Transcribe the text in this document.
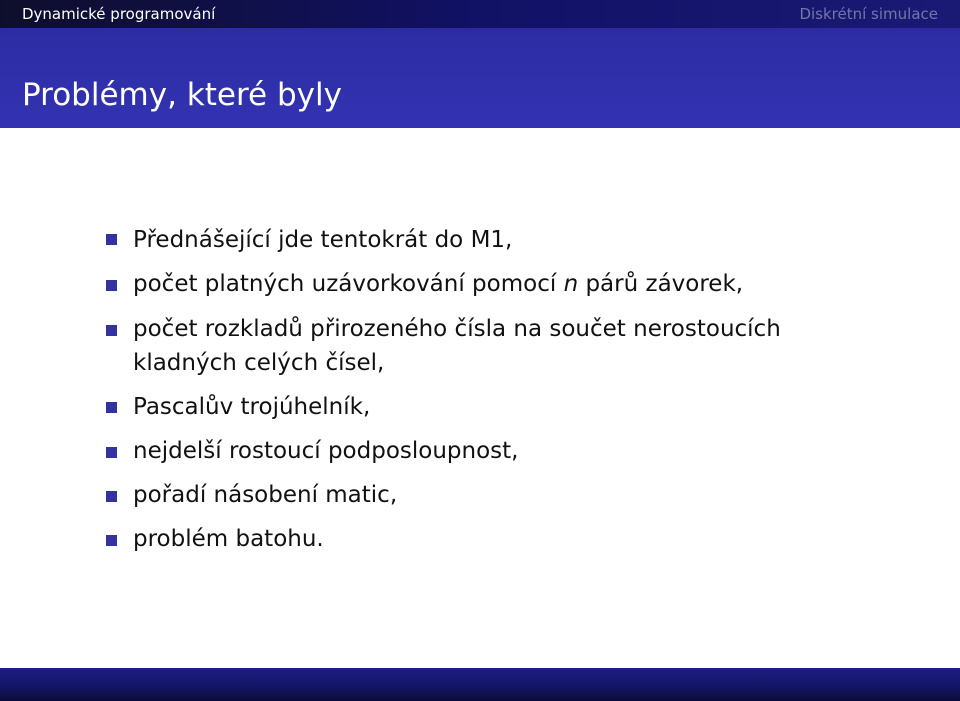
Dynamické programování	Diskrétní simulace
Problémy, které byly
Přednášející jde tentokrát do M1,
počet platných uzávorkování pomocí n párů závorek,
počet rozkladů přirozeného čísla na součet nerostoucích kladných celých čísel,
Pascalův trojúhelník,
nejdelší rostoucí podposloupnost,
pořadí násobení matic,
problém batohu.
